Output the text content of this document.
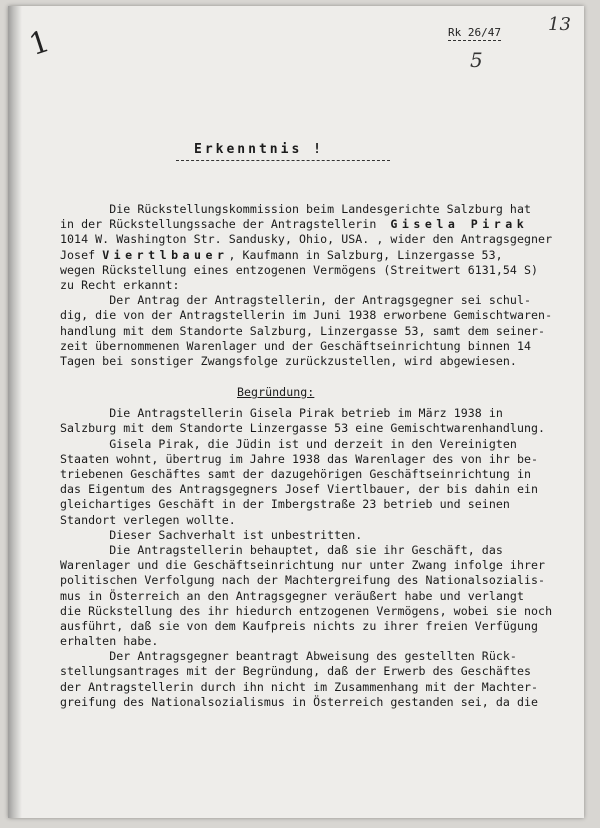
1	Rk 26/47	13
5
Erkenntnis !
Die Rückstellungskommission beim Landesgerichte Salzburg hat
in der Rückstellungssache der Antragstellerin Gisela Pirak
1014 W. Washington Str. Sandusky, Ohio, USA. , wider den Antragsgegner
Josef Viertlbauer, Kaufmann in Salzburg, Linzergasse 53,
wegen Rückstellung eines entzogenen Vermögens (Streitwert 6131,54 S)
zu Recht erkannt:
Der Antrag der Antragstellerin, der Antragsgegner sei schul-
dig, die von der Antragstellerin im Juni 1938 erworbene Gemischtwaren-
handlung mit dem Standorte Salzburg, Linzergasse 53, samt dem seiner-
zeit übernommenen Warenlager und der Geschäftseinrichtung binnen 14
Tagen bei sonstiger Zwangsfolge zurückzustellen, wird abgewiesen.
Begründung:
Die Antragstellerin Gisela Pirak betrieb im März 1938 in
Salzburg mit dem Standorte Linzergasse 53 eine Gemischtwarenhandlung.
Gisela Pirak, die Jüdin ist und derzeit in den Vereinigten
Staaten wohnt, übertrug im Jahre 1938 das Warenlager des von ihr be-
triebenen Geschäftes samt der dazugehörigen Geschäftseinrichtung in
das Eigentum des Antragsgegners Josef Viertlbauer, der bis dahin ein
gleichartiges Geschäft in der Imbergstraße 23 betrieb und seinen
Standort verlegen wollte.
Dieser Sachverhalt ist unbestritten.
Die Antragstellerin behauptet, daß sie ihr Geschäft, das
Warenlager und die Geschäftseinrichtung nur unter Zwang infolge ihrer
politischen Verfolgung nach der Machtergreifung des Nationalsozialis-
mus in Österreich an den Antragsgegner veräußert habe und verlangt
die Rückstellung des ihr hiedurch entzogenen Vermögens, wobei sie noch
ausführt, daß sie von dem Kaufpreis nichts zu ihrer freien Verfügung
erhalten habe.
Der Antragsgegner beantragt Abweisung des gestellten Rück-
stellungsantrages mit der Begründung, daß der Erwerb des Geschäftes
der Antragstellerin durch ihn nicht im Zusammenhang mit der Machter-
greifung des Nationalsozialismus in Österreich gestanden sei, da die
